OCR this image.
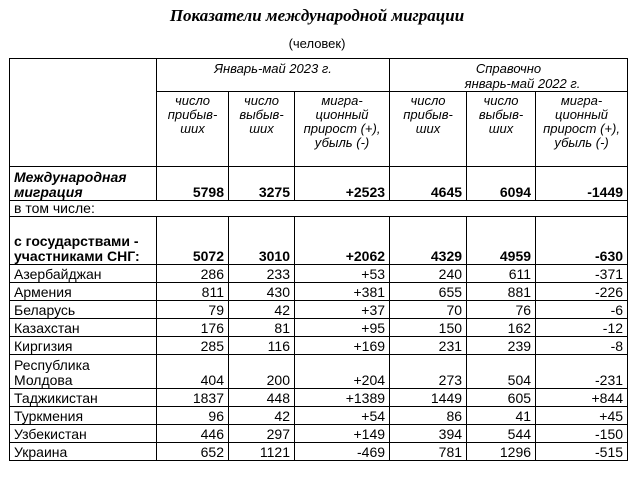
Показатели международной миграции
(человек)
	Январь-май 2023 г.			Справочно
январь-май 2022 г.		

	число прибыв-ших	число выбыв-ших	мигра-ционный прирост (+), убыль (-)	число прибыв-ших	число выбыв-ших	мигра-ционный прирост (+), убыль (-)
Международная миграция	5798	3275	+2523	4645	6094	-1449
в том числе:						
с государствами - участниками СНГ:	5072	3010	+2062	4329	4959	-630
Азербайджан	286	233	+53	240	611	-371
Армения	811	430	+381	655	881	-226
Беларусь	79	42	+37	70	76	-6
Казахстан	176	81	+95	150	162	-12
Киргизия	285	116	+169	231	239	-8
Республика Молдова	404	200	+204	273	504	-231
Таджикистан	1837	448	+1389	1449	605	+844
Туркмения	96	42	+54	86	41	+45
Узбекистан	446	297	+149	394	544	-150
Украина	652	1121	-469	781	1296	-515
